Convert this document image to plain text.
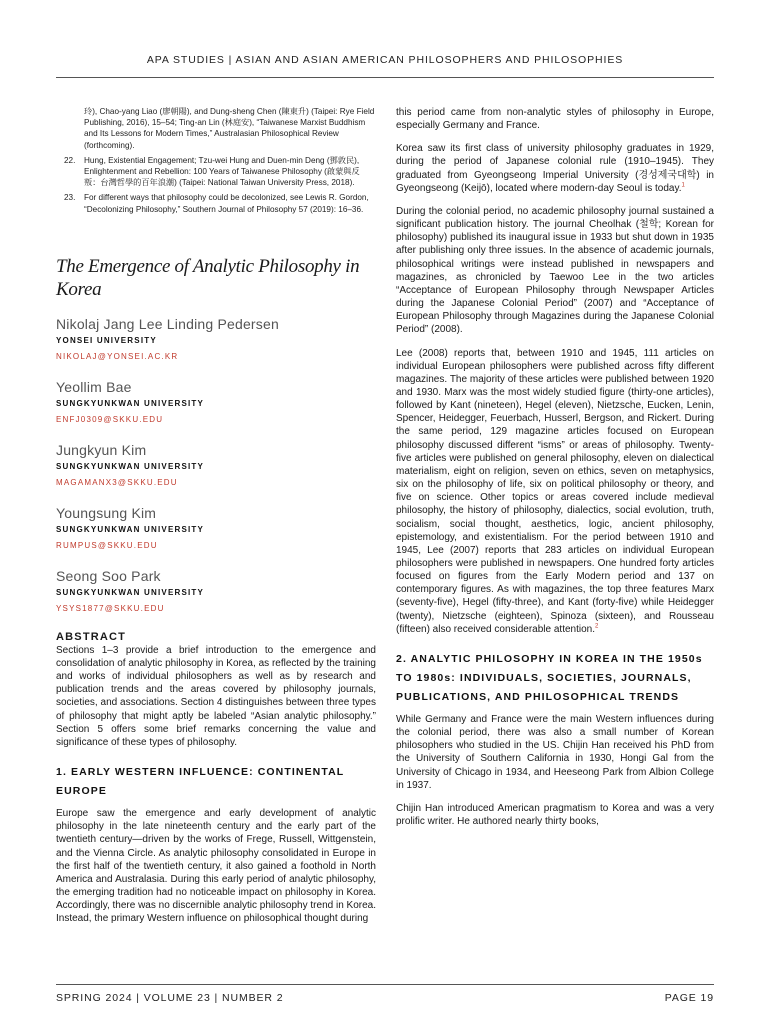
APA STUDIES | ASIAN AND ASIAN AMERICAN PHILOSOPHERS AND PHILOSOPHIES
玲), Chao-yang Liao (廖朝陽), and Dung-sheng Chen (陳東升) (Taipei: Rye Field Publishing, 2016), 15–54; Ting-an Lin (林庭安), “Taiwanese Marxist Buddhism and Its Lessons for Modern Times,” Australasian Philosophical Review (forthcoming).
22. Hung, Existential Engagement; Tzu-wei Hung and Duen-min Deng (鄧敦民), Enlightenment and Rebellion: 100 Years of Taiwanese Philosophy (啟蒙與反叛：台灣哲學的百年浪潮) (Taipei: National Taiwan University Press, 2018).
23. For different ways that philosophy could be decolonized, see Lewis R. Gordon, “Decolonizing Philosophy,” Southern Journal of Philosophy 57 (2019): 16–36.
The Emergence of Analytic Philosophy in Korea
Nikolaj Jang Lee Linding Pedersen
YONSEI UNIVERSITY
NIKOLAJ@YONSEI.AC.KR
Yeollim Bae
SUNGKYUNKWAN UNIVERSITY
ENFJ0309@SKKU.EDU
Jungkyun Kim
SUNGKYUNKWAN UNIVERSITY
MAGAMANX3@SKKU.EDU
Youngsung Kim
SUNGKYUNKWAN UNIVERSITY
RUMPUS@SKKU.EDU
Seong Soo Park
SUNGKYUNKWAN UNIVERSITY
YSYS1877@SKKU.EDU
ABSTRACT

Sections 1–3 provide a brief introduction to the emergence and consolidation of analytic philosophy in Korea, as reflected by the training and works of individual philosophers as well as by research and publication trends and the areas covered by philosophy journals, societies, and associations. Section 4 distinguishes between three types of philosophy that might aptly be labeled “Asian analytic philosophy.” Section 5 offers some brief remarks concerning the value and significance of these types of philosophy.

1. EARLY WESTERN INFLUENCE: CONTINENTAL EUROPE

Europe saw the emergence and early development of analytic philosophy in the late nineteenth century and the early part of the twentieth century—driven by the works of Frege, Russell, Wittgenstein, and the Vienna Circle. As analytic philosophy consolidated in Europe in the first half of the twentieth century, it also gained a foothold in North America and Australasia. During this early period of analytic philosophy, the emerging tradition had no noticeable impact on philosophy in Korea. Accordingly, there was no discernible analytic philosophy trend in Korea. Instead, the primary Western influence on philosophical thought during

this period came from non-analytic styles of philosophy in Europe, especially Germany and France.

Korea saw its first class of university philosophy graduates in 1929, during the period of Japanese colonial rule (1910–1945). They graduated from Gyeongseong Imperial University (경성제국대학) in Gyeongseong (Keijō), located where modern-day Seoul is today.$^1$

During the colonial period, no academic philosophy journal sustained a significant publication history. The journal Cheolhak (철학; Korean for philosophy) published its inaugural issue in 1933 but shut down in 1935 after publishing only three issues. In the absence of academic journals, philosophical writings were instead published in newspapers and magazines, as chronicled by Taewoo Lee in the two articles “Acceptance of European Philosophy through Newspaper Articles during the Japanese Colonial Period” (2007) and “Acceptance of European Philosophy through Magazines during the Japanese Colonial Period” (2008).

Lee (2008) reports that, between 1910 and 1945, 111 articles on individual European philosophers were published across fifty different magazines. The majority of these articles were published between 1920 and 1930. Marx was the most widely studied figure (thirty-one articles), followed by Kant (nineteen), Hegel (eleven), Nietzsche, Eucken, Lenin, Spencer, Heidegger, Feuerbach, Husserl, Bergson, and Rickert. During the same period, 129 magazine articles focused on European philosophy discussed different “isms” or areas of philosophy. Twenty-five articles were published on general philosophy, eleven on dialectical materialism, eight on religion, seven on ethics, seven on metaphysics, six on the philosophy of life, six on political philosophy or theory, and five on science. Other topics or areas covered include medieval philosophy, the history of philosophy, dialectics, social evolution, truth, socialism, social thought, aesthetics, logic, ancient philosophy, epistemology, and existentialism. For the period between 1910 and 1945, Lee (2007) reports that 283 articles on individual European philosophers were published in newspapers. One hundred forty articles focused on figures from the Early Modern period and 137 on contemporary figures. As with magazines, the top three features Marx (seventy-five), Hegel (fifty-three), and Kant (forty-five) while Heidegger (twenty), Nietzsche (eighteen), Spinoza (sixteen), and Rousseau (fifteen) also received considerable attention.$^2$

2. ANALYTIC PHILOSOPHY IN KOREA IN THE 1950s TO 1980s: INDIVIDUALS, SOCIETIES, JOURNALS, PUBLICATIONS, AND PHILOSOPHICAL TRENDS

While Germany and France were the main Western influences during the colonial period, there was also a small number of Korean philosophers who studied in the US. Chijin Han received his PhD from the University of Southern California in 1930, Hongi Gal from the University of Chicago in 1934, and Heeseong Park from Albion College in 1937.

Chijin Han introduced American pragmatism to Korea and was a very prolific writer. He authored nearly thirty books,

SPRING 2024 | VOLUME 23 | NUMBER 2	PAGE 19
